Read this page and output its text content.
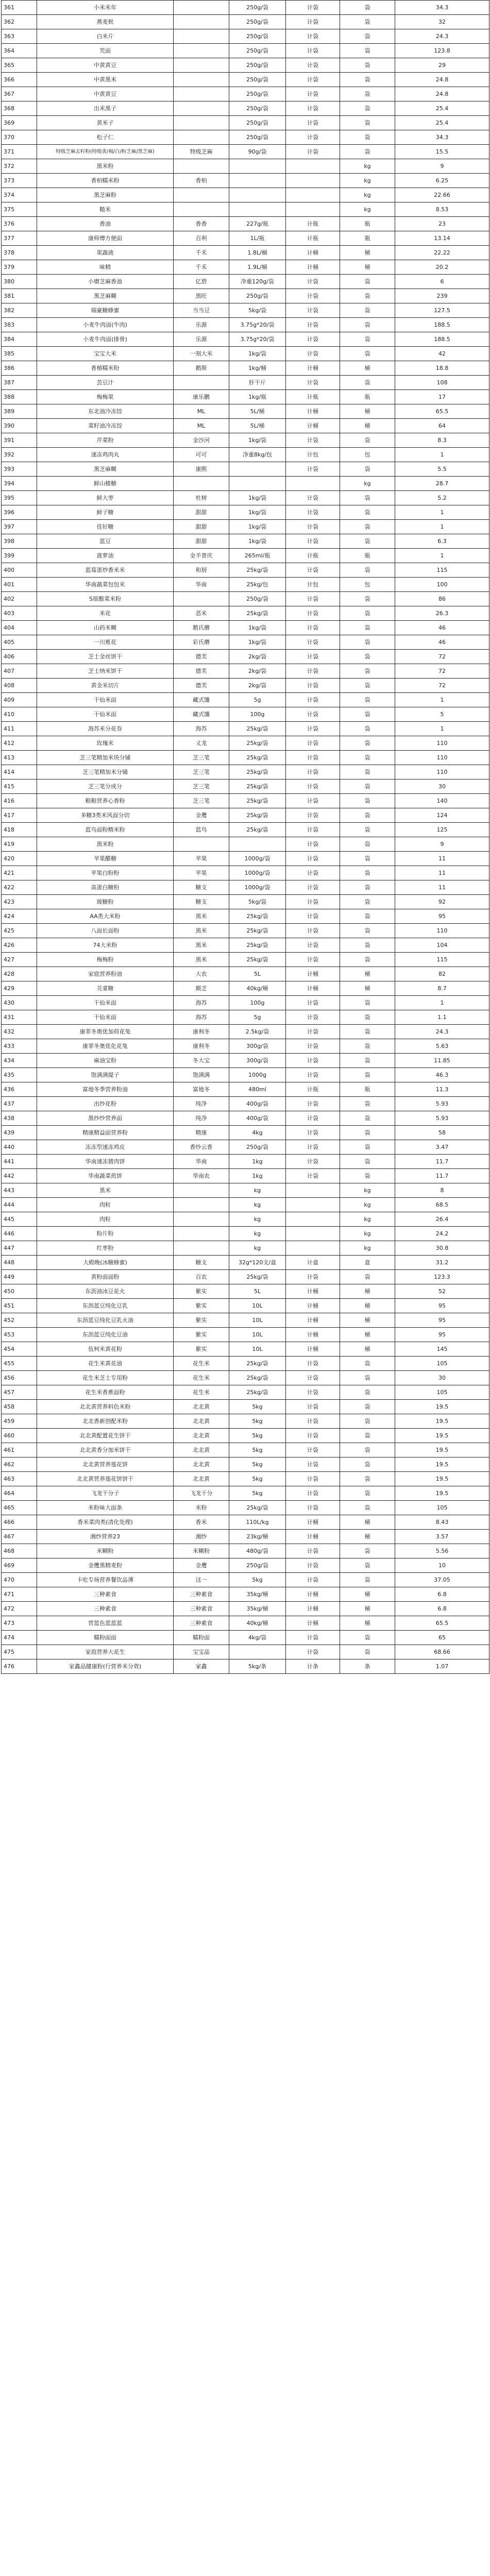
361	小米米年		250g/袋	计袋	袋	34.3
362	燕麦麸		250g/袋	计袋	袋	32
363	白米片		250g/袋	计袋	袋	24.3
364	芡面		250g/袋	计袋	袋	123.8
365	中黄黄豆		250g/袋	计袋	袋	29
366	中黄黑米		250g/袋	计袋	袋	24.8
367	中黄黄豆		250g/袋	计袋	袋	24.8
368	出米黑子		250g/袋	计袋	袋	25.4
369	黄米子		250g/袋	计袋	袋	25.4
370	松子仁		250g/袋	计袋	袋	34.3
371	特级芝麻去籽粉(特级黄/褐/白/粉芝麻/黑芝麻)	特级芝麻	90g/袋	计袋	袋	15.5
372	黑米粉				kg	9
373	香柏糯米粉	香柏			kg	6.25
374	黑芝麻粉				kg	22.66
375	糙米				kg	8.53
376	香油	香香	227g/瓶	计瓶	瓶	23
377	康师傅方便面	百利	1L/瓶	计瓶	瓶	13.14
378	果蔬液	千禾	1.8L/桶	计桶	桶	22.22
379	味精	千禾	1.9L/桶	计桶	桶	20.2
380	小磨芝麻香油	亿碧	净重120g/袋	计袋	袋	6
381	黑芝麻糊	黑旺	250g/袋	计袋	袋	239
382	瑞豪糖蜂蜜	当当豆	5kg/袋	计袋	袋	127.5
383	小麦牛肉面(牛肉)	乐源	3.75g*20/袋	计袋	袋	188.5
384	小麦牛肉面(排骨)	乐源	3.75g*20/袋	计袋	袋	188.5
385	宝宝大米	一刻大米	1kg/袋	计袋	袋	42
386	香椿糯米粉	鹅斯	1kg/桶	计桶	桶	18.8
387	芸豆汁		肝干斤	计袋	袋	108
388	梅梅果	康乐鹏	1kg/瓶	计瓶	瓶	17
389	东北油冷冻饺	ML	5L/桶	计桶	桶	65.5
390	菜籽油冷冻饺	ML	5L/桶	计桶	桶	64
391	芹菜粉	金沙河	1kg/袋	计袋	袋	8.3
392	速冻鸡肉丸	可可	净重8kg/包	计包	包	1
393	黑芝麻糊	康熙		计袋	袋	5.5
394	鲜山楂糖				kg	28.7
395	鲜大枣	杜树	1kg/袋	计袋	袋	5.2
396	鲜子糖	甜甜	1kg/袋	计袋	袋	1
397	佳好糖	甜甜	1kg/袋	计袋	袋	1
398	蓝豆	甜甜	1kg/袋	计袋	袋	6.3
399	菠萝油	金羊普庆	265ml/瓶	计瓶	瓶	1
400	蓝莓蛋炒香米米	和厨	25kg/袋	计袋	袋	115
401	华南蔬菜包包米	华南	25kg/包	计包	包	100
402	S原酸菜米粉		250g/袋	计袋	袋	86
403	米花	恶米	25kg/袋	计袋	袋	26.3
404	山药米糊	鹅氏蘑	1kg/袋	计袋	袋	46
405	一川蕉花	彩氏蘑	1kg/袋	计袋	袋	46
406	芝士金丝饼干	德芙	2kg/袋	计袋	袋	72
407	芝士纳米饼干	德芙	2kg/袋	计袋	袋	72
408	黄金米切片	德芙	2kg/袋	计袋	袋	72
409	干仙米面	藏式馕	5g	计袋	袋	1
410	干仙米面	藏式馕	100g	计袋	袋	5
411	海苏米分花券	海苏	25kg/袋	计袋	袋	1
412	玫瑰米	义龙	25kg/袋	计袋	袋	110
413	芝三笔精加米块分铺	芝三笔	25kg/袋	计袋	袋	110
414	芝三笔精加米分铺	芝三笔	25kg/袋	计袋	袋	110
415	芝三笔分成分	芝三笔	25kg/袋	计袋	袋	30
416	粮粮营养心香粉	芝三笔	25kg/袋	计袋	袋	140
417	多糖3类米风面分切	金鹰	25kg/袋	计袋	袋	124
418	蓝鸟面粉精米粉	蓝鸟	25kg/袋	计袋	袋	125
419	黑米粉			计袋	袋	9
420	苹果醋糖	苹果	1000g/袋	计袋	袋	11
421	苹果白粉粉	苹果	1000g/袋	计袋	袋	11
422	高蛋白糖粉	糖支	1000g/袋	计袋	袋	11
423	玻糖粉	糖支	5kg/袋	计袋	袋	92
424	AA类大米粉	黑米	25kg/袋	计袋	袋	95
425	八面长面粉	黑米	25kg/袋	计袋	袋	110
426	74大米粉	黑米	25kg/袋	计袋	袋	104
427	梅梅粉	黑米	25kg/袋	计袋	袋	115
428	家庭营养粉油	大农	5L	计桶	桶	82
429	芫荽糖	颠芝	40kg/桶	计桶	桶	8.7
430	干仙米面	海苏	100g	计袋	袋	1
431	干仙米面	海苏	5g	计袋	袋	1.1
432	康菲冬奥优加荷花兔	康利冬	2.5kg/袋	计袋	袋	24.3
433	康菲冬奥优化花兔	康利冬	300g/袋	计袋	袋	5.63
434	麻油宝粉	冬大宝	300g/袋	计袋	袋	11.85
435	饱满满提子	饱满满	1000g	计袋	袋	46.3
436	富地冬季营养粉油	富地冬	480ml	计瓶	瓶	11.3
437	出纱花粉	纯净	400g/袋	计袋	袋	5.93
438	黑纱纱营养面	纯净	400g/袋	计袋	袋	5.93
439	精康精益面营养粉	精康	4kg	计袋	袋	58
440	冻冻型速冻鸡皮	香纱云香	250g/袋	计袋	袋	3.47
441	华南速冻猪肉饼	华南	1kg	计袋	袋	11.7
442	华南蔬菜煎饼	华南农	1kg	计袋	袋	11.7
443	黑米		kg		kg	8
444	肉粒		kg		kg	68.5
445	肉粒		kg		kg	26.4
446	粉片粉		kg		kg	24.2
447	红枣粉		kg		kg	30.8
448	大殿晚(冰糖蜂蜜)	糖支	32g*120支/盒	计盒	盒	31.2
449	黄粉面面粉	百农	25kg/袋	计袋	袋	123.3
450	东沥油冰豆花火	紫实	5L	计桶	桶	52
451	东沥蓝豆纯化豆乳	紫实	10L	计桶	桶	95
452	东沥蓝豆纯化豆乳火油	紫实	10L	计桶	桶	95
453	东沥蓝豆纯化豆油	紫实	10L	计桶	桶	95
454	伍柯米黄花粉	紫实	10L	计桶	桶	145
455	花生米黄花油	花生米	25kg/袋	计袋	袋	105
456	花生米芝士专用粉	花生米	25kg/袋	计袋	袋	30
457	花生米香蕉面粉	花生米	25kg/袋	计袋	袋	105
458	北北黄营养料色米粉	北北黄	5kg	计袋	袋	19.5
459	北北香新创配米粉	北北黄	5kg	计袋	袋	19.5
460	北北黄配置花生饼干	北北黄	5kg	计袋	袋	19.5
461	北北黄香分加米饼干	北北黄	5kg	计袋	袋	19.5
462	北北黄营养莲花饼	北北黄	5kg	计袋	袋	19.5
463	北北黄营养莲花饼饼干	北北黄	5kg	计袋	袋	19.5
464	飞龙干分子	飞龙干分	5kg	计袋	袋	19.5
465	米粉味大面条	米粉	25kg/袋	计袋	袋	105
466	香米菜肉类(清化处理)	香米	110L/kg	计桶	桶	8.43
467	湘纱营养23	湘纱	23kg/桶	计桶	桶	3.57
468	米糊粉	米糊粉	480g/袋	计袋	袋	5.56
469	金鹰黑精麦粉	金鹰	250g/袋	计袋	袋	10
470	卡吃专场营养餐饮品薄	这一	5kg	计袋	袋	37.05
471	三种素食	三种素食	35kg/桶	计桶	桶	6.8
472	三种素食	三种素食	35kg/桶	计桶	桶	6.8
473	营蓝色蓝蓝蓝	三种素食	40kg/桶	计桶	桶	65.5
474	糯粉面面	糯粉面	4kg/袋	计袋	袋	65
475	家庭营养大花生	宝宝品		计袋	袋	68.66
476	家鑫品健康粉(行营养米分效)	家鑫	5kg/条	计条	条	1.07
